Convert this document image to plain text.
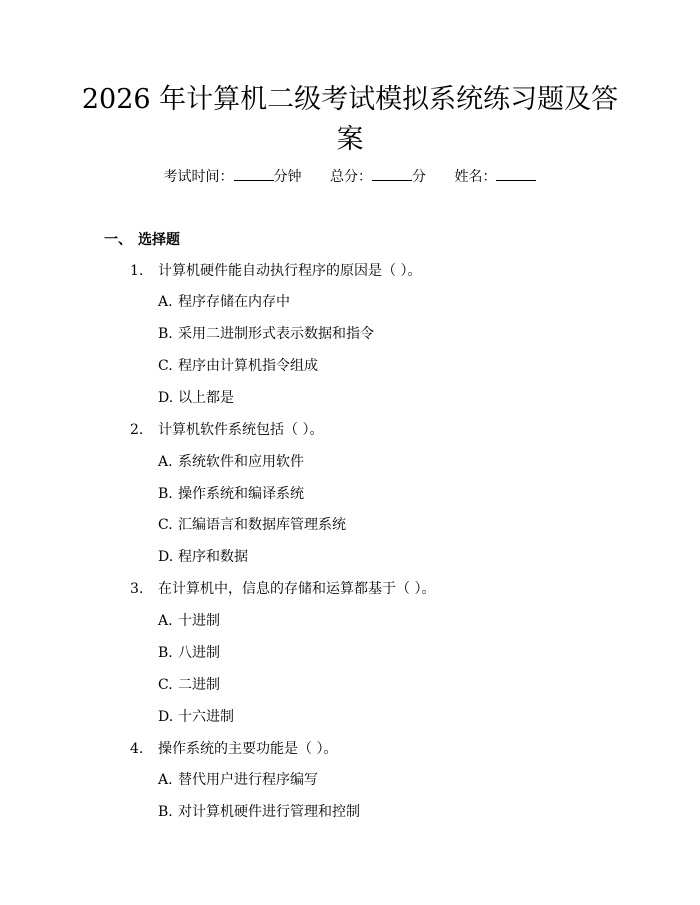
2026 年计算机二级考试模拟系统练习题及答
案
考试时间：	分钟 总分：	分 姓名：
一、 选择题
1. 计算机硬件能自动执行程序的原因是（ ）。
A. 程序存储在内存中
B. 采用二进制形式表示数据和指令
C. 程序由计算机指令组成
D. 以上都是
2. 计算机软件系统包括（ ）。
A. 系统软件和应用软件
B. 操作系统和编译系统
C. 汇编语言和数据库管理系统
D. 程序和数据
3. 在计算机中，信息的存储和运算都基于（ ）。
A. 十进制
B. 八进制
C. 二进制
D. 十六进制
4. 操作系统的主要功能是（ ）。
A. 替代用户进行程序编写
B. 对计算机硬件进行管理和控制
